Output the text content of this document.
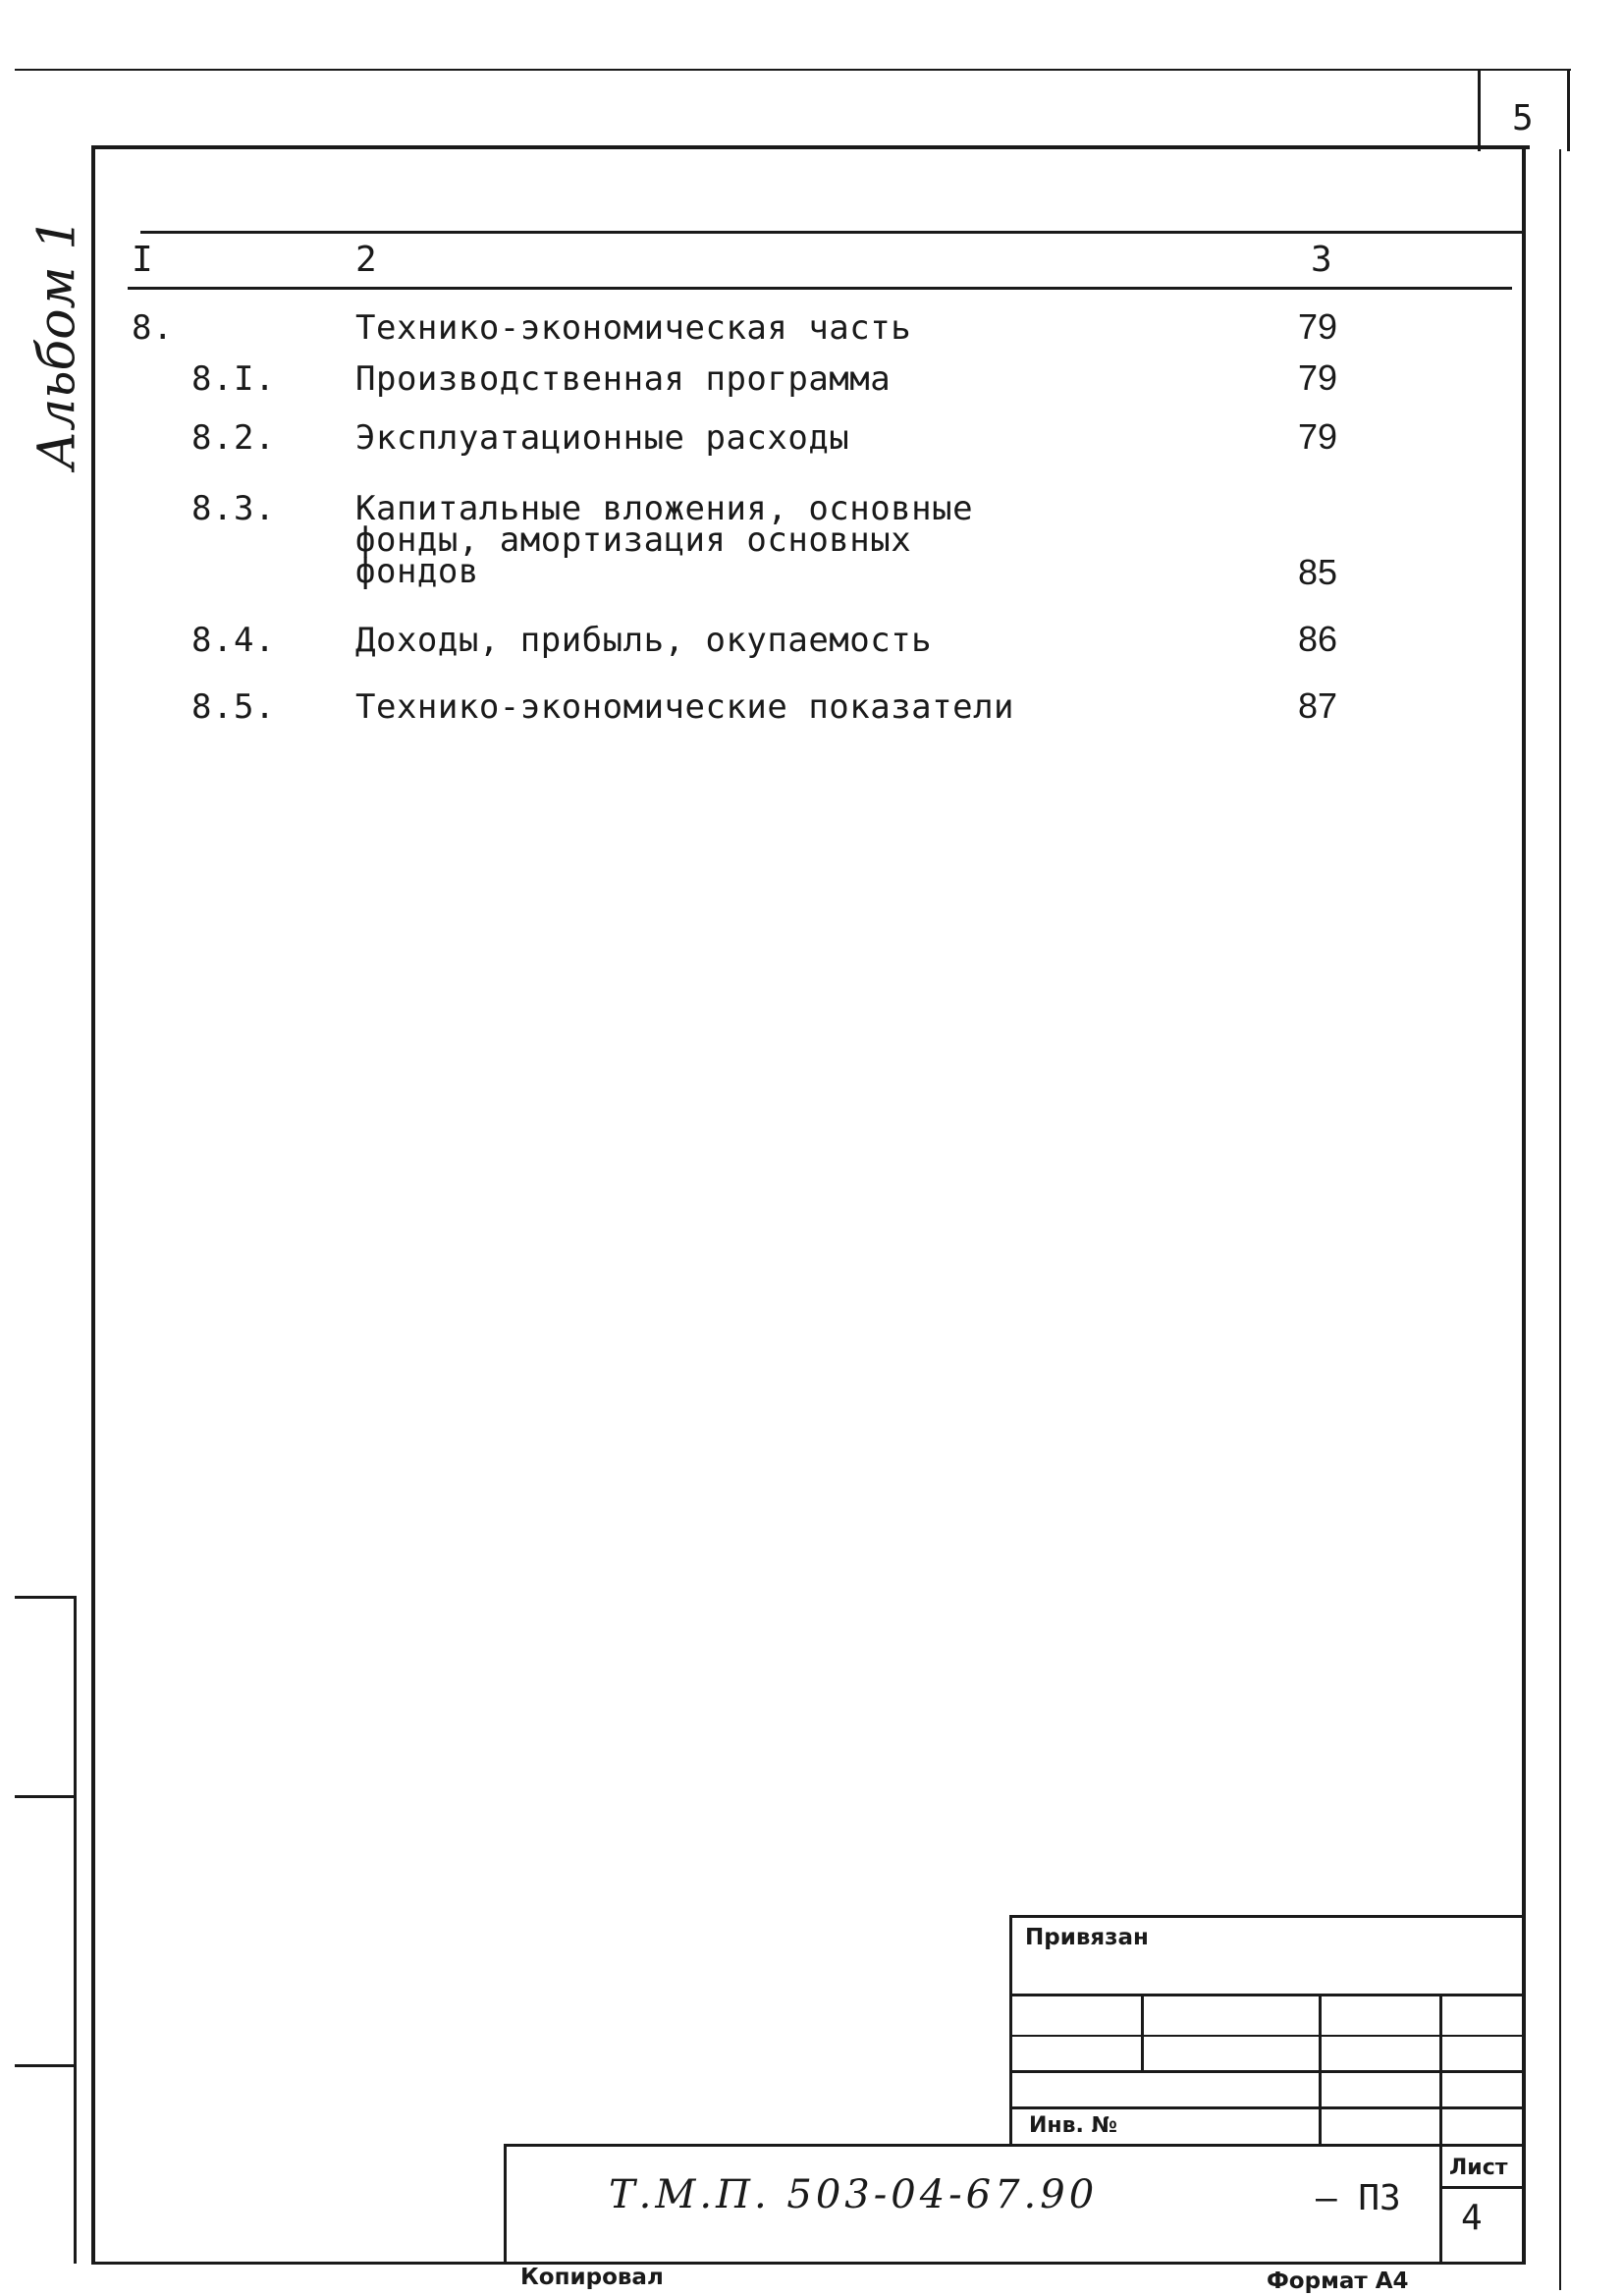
5
Альбом 1 I	2	3
8.	Технико-экономическая часть	79
8.I. Производственная программа	79
8.2. Эксплуатационные расходы	79
8.3. Капитальные вложения, основные
фонды, амортизация основных
фондов	85
8.4. Доходы, прибыль, окупаемость	86
8.5. Технико-экономические показатели	87
Привязан
Инв. №
Т.М.П. 503-04-67.90	– ПЗ
Лист
4
Копировал	Формат А4
